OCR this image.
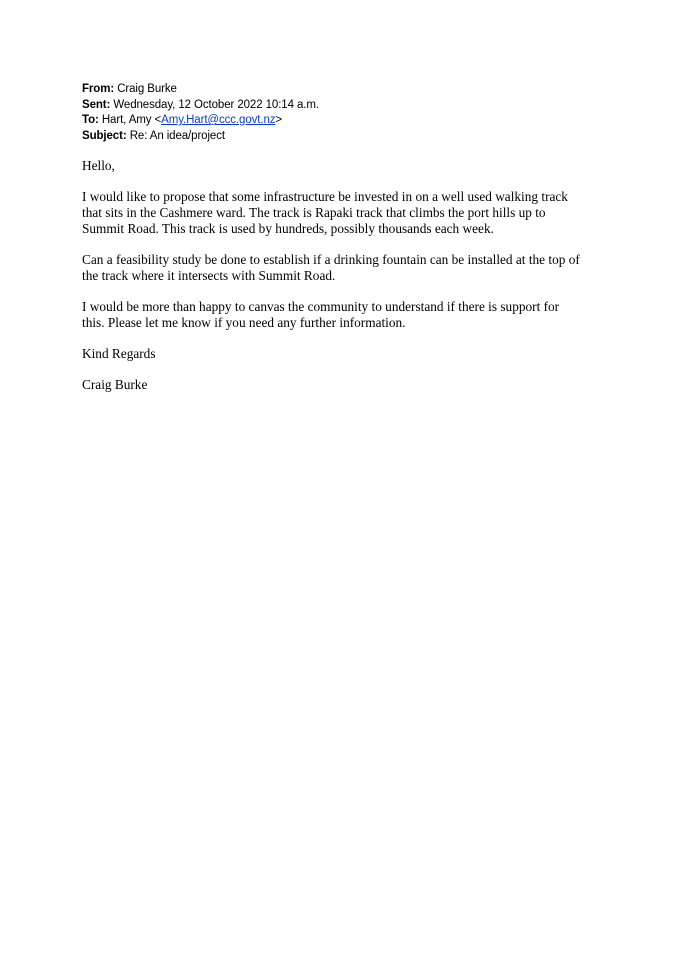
From: Craig Burke
Sent: Wednesday, 12 October 2022 10:14 a.m.
To: Hart, Amy <Amy.Hart@ccc.govt.nz>
Subject: Re: An idea/project

Hello,

I would like to propose that some infrastructure be invested in on a well used walking track
that sits in the Cashmere ward. The track is Rapaki track that climbs the port hills up to
Summit Road. This track is used by hundreds, possibly thousands each week.

Can a feasibility study be done to establish if a drinking fountain can be installed at the top of
the track where it intersects with Summit Road.

I would be more than happy to canvas the community to understand if there is support for
this. Please let me know if you need any further information.

Kind Regards

Craig Burke
